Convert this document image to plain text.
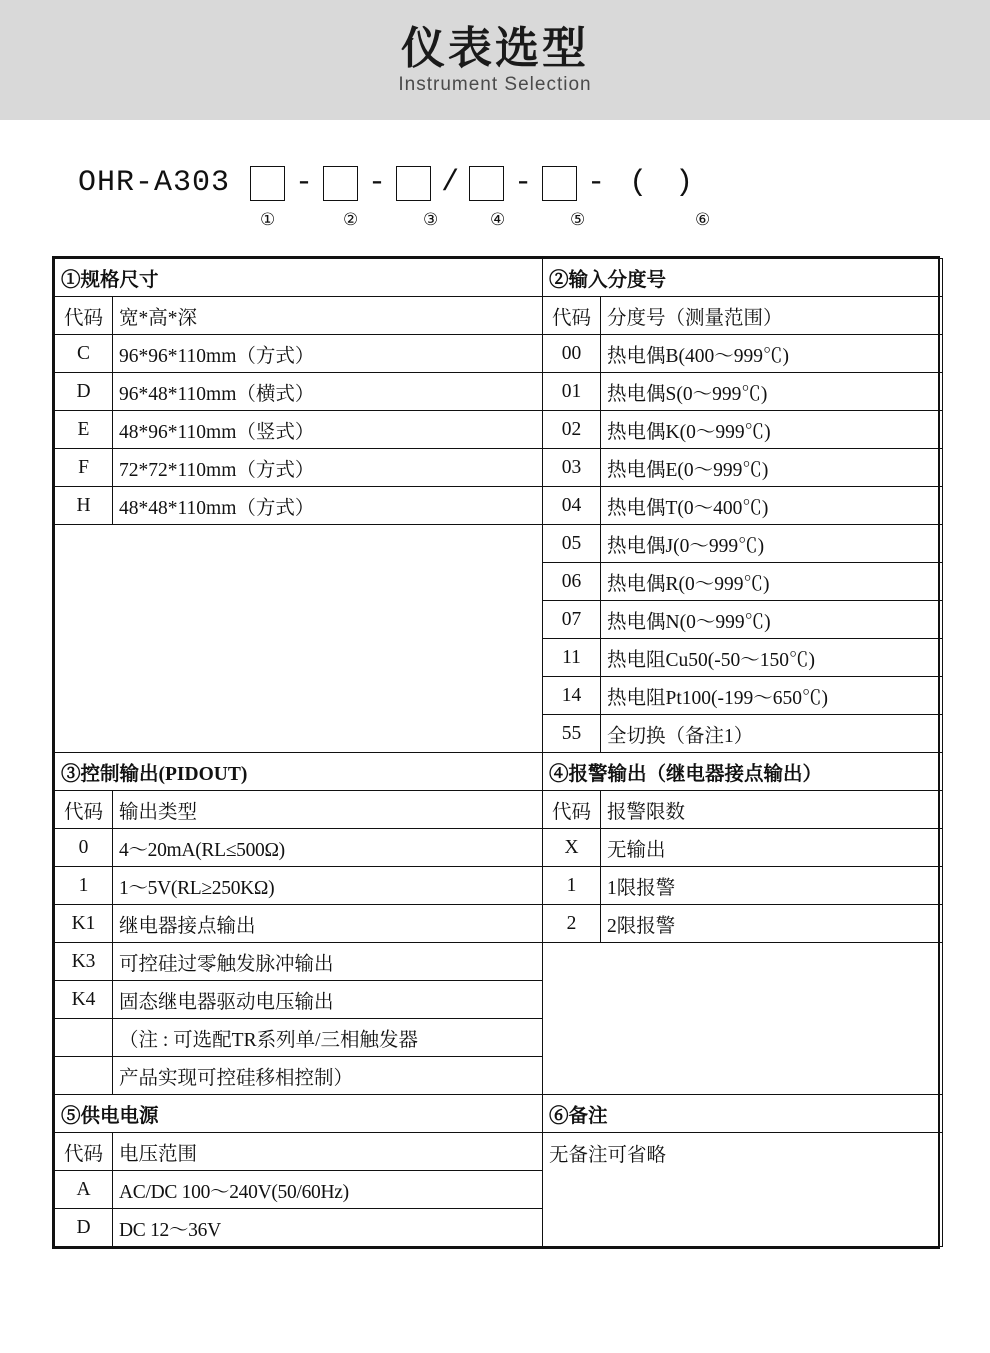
仪表选型
Instrument Selection
OHR-A303 - - / - - ( )
①	②	③	④	⑤	⑥
①规格尺寸		②输入分度号	
代码	宽*高*深	代码	分度号（测量范围）
C	96*96*110mm（方式）	00	热电偶B(400～999℃)
D	96*48*110mm（横式）	01	热电偶S(0～999℃)
E	48*96*110mm（竖式）	02	热电偶K(0～999℃)
F	72*72*110mm（方式）	03	热电偶E(0～999℃)
H	48*48*110mm（方式）	04	热电偶T(0～400℃)
		05	热电偶J(0～999℃)
		06	热电偶R(0～999℃)
		07	热电偶N(0～999℃)
		11	热电阻Cu50(-50～150℃)
		14	热电阻Pt100(-199～650℃)
		55	全切换（备注1）
③控制输出(PIDOUT)		④报警输出（继电器接点输出）	
代码	输出类型	代码	报警限数
0	4～20mA(RL≤500Ω)	X	无输出
1	1～5V(RL≥250KΩ)	1	1限报警
K1	继电器接点输出	2	2限报警
K3	可控硅过零触发脉冲输出		
K4	固态继电器驱动电压输出		
	（注 : 可选配TR系列单/三相触发器		
	产品实现可控硅移相控制）		
⑤供电电源		⑥备注	
代码	电压范围	无备注可省略	
A	AC/DC 100～240V(50/60Hz)		
D	DC 12～36V		
